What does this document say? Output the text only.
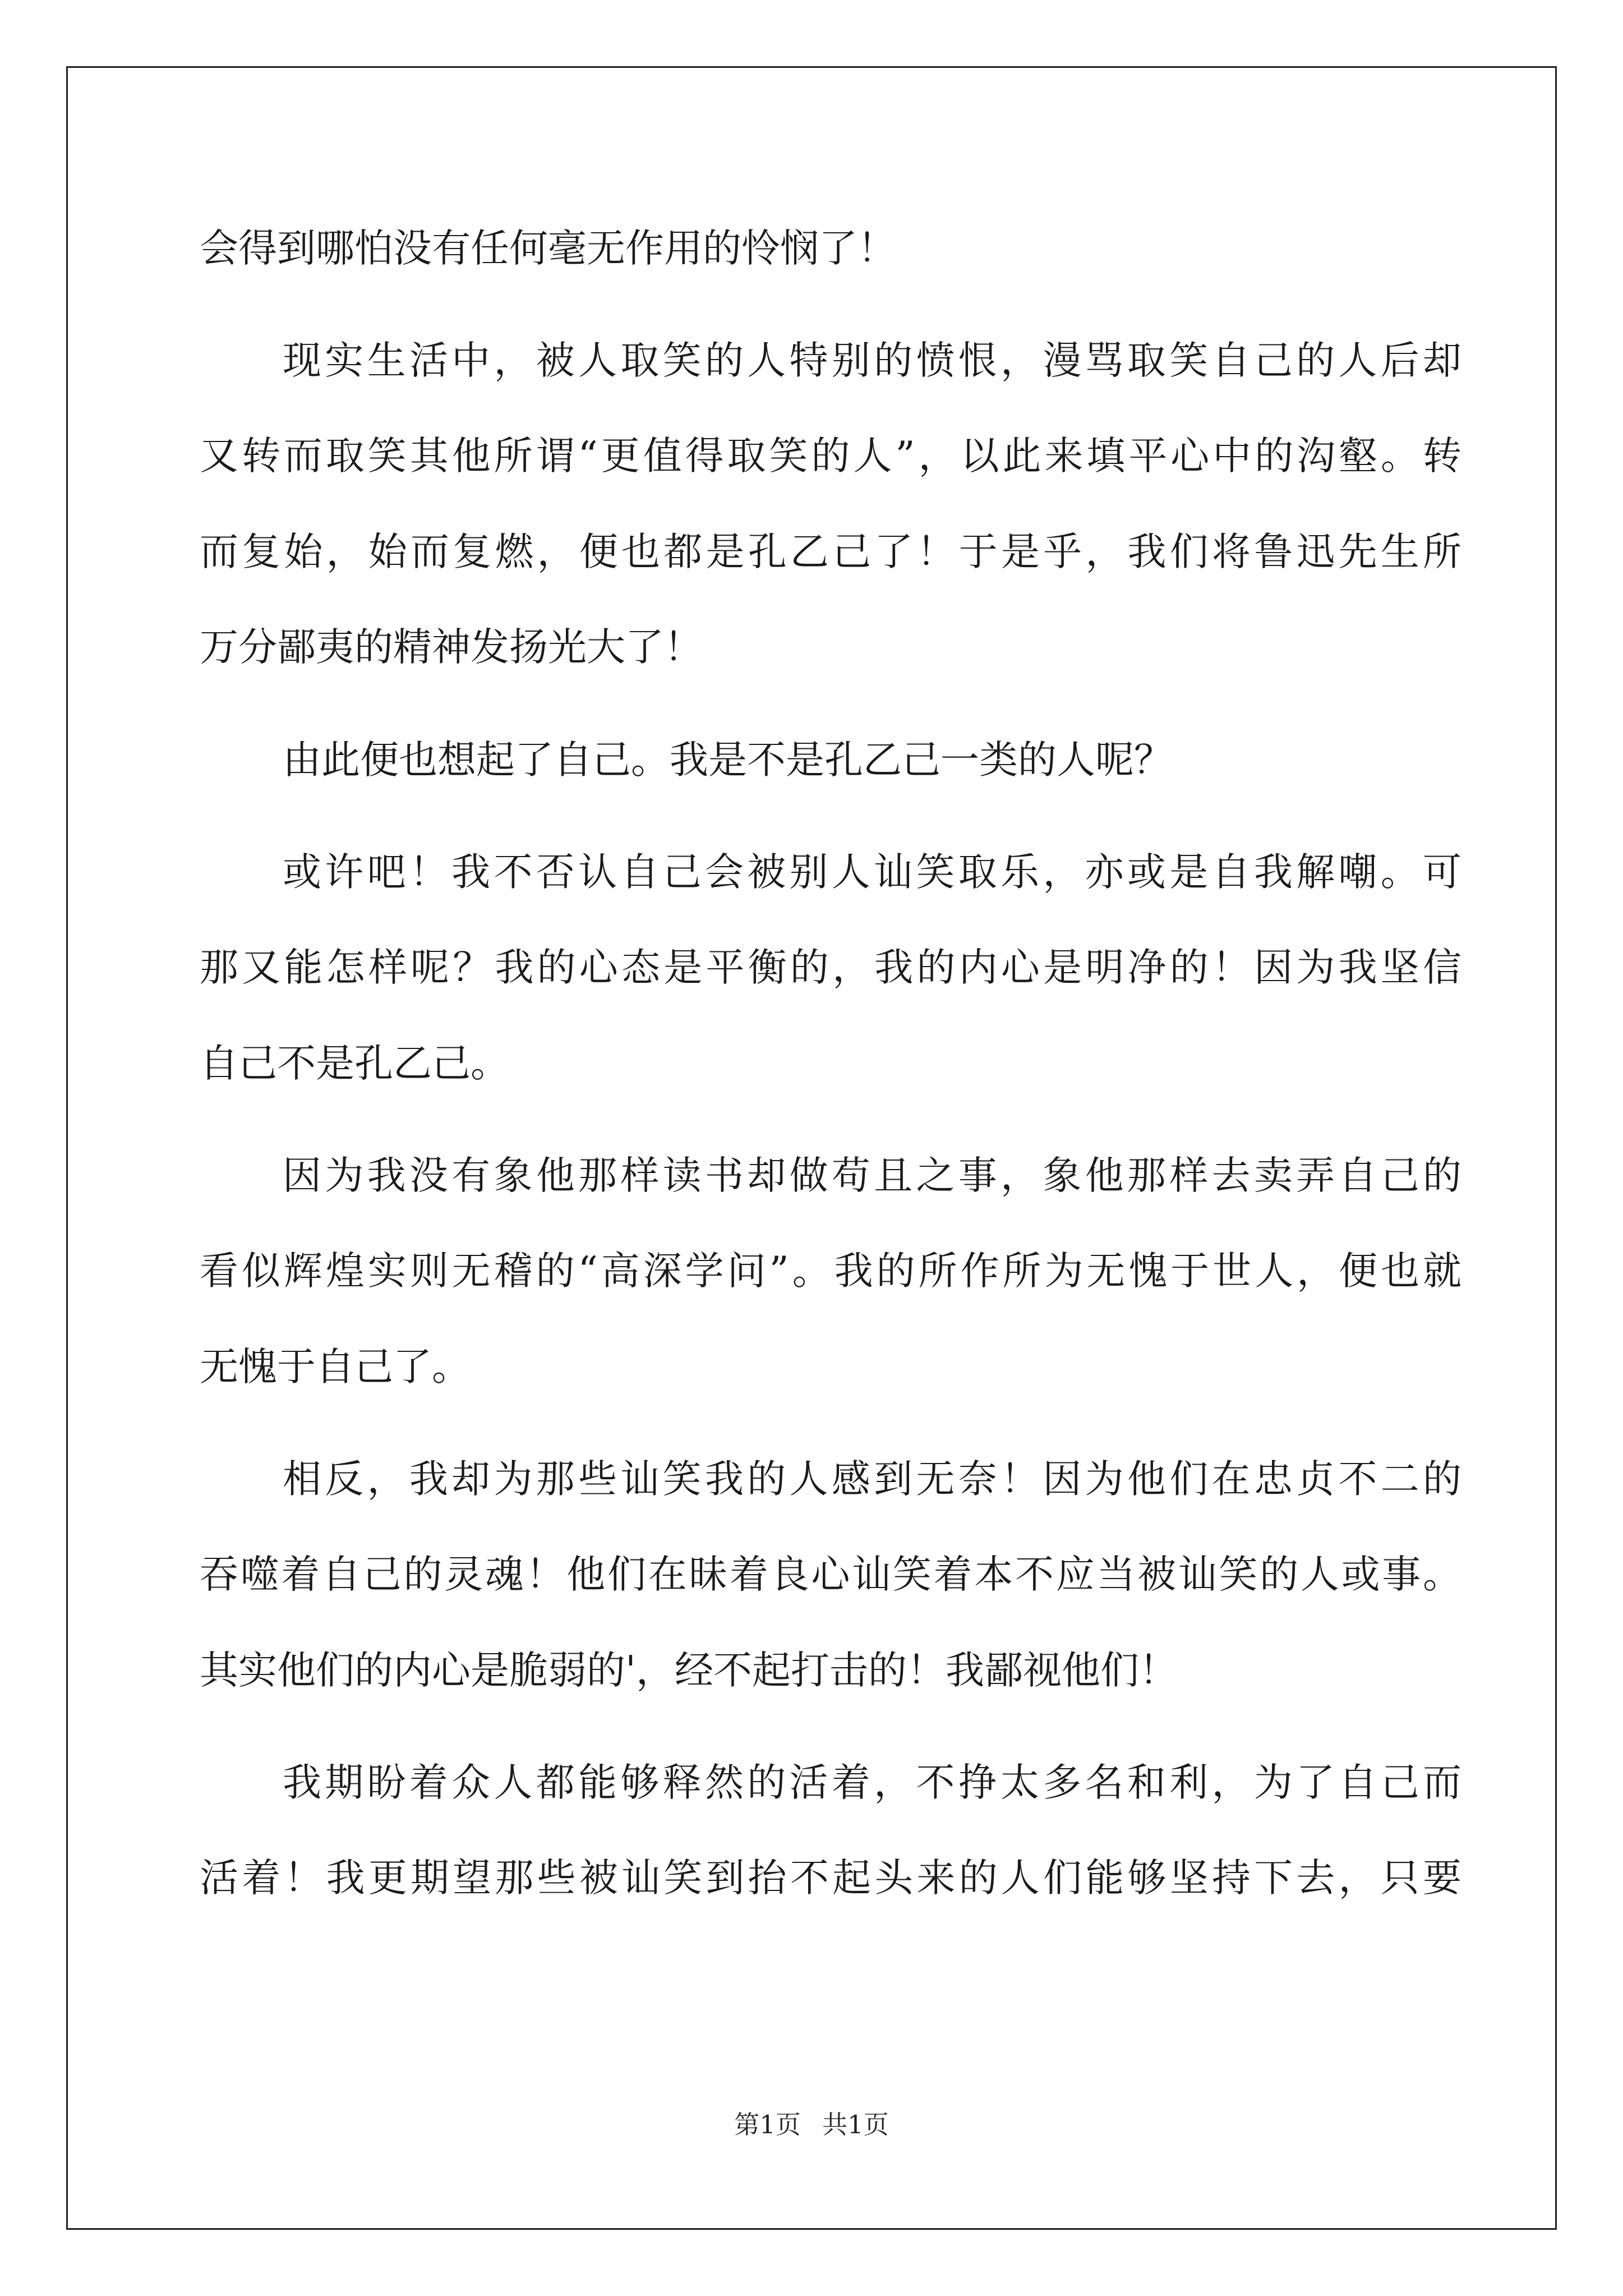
会得到哪怕没有任何毫无作用的怜悯了！
现实生活中，被人取笑的人特别的愤恨，漫骂取笑自己的人后却
又转而取笑其他所谓“更值得取笑的人”，以此来填平心中的沟壑。转
而复始，始而复燃，便也都是孔乙己了！于是乎，我们将鲁迅先生所
万分鄙夷的精神发扬光大了！
由此便也想起了自己。我是不是孔乙己一类的人呢？
或许吧！我不否认自己会被别人讪笑取乐，亦或是自我解嘲。可
那又能怎样呢？我的心态是平衡的，我的内心是明净的！因为我坚信
自己不是孔乙己。
因为我没有象他那样读书却做苟且之事，象他那样去卖弄自己的
看似辉煌实则无稽的“高深学问”。我的所作所为无愧于世人，便也就
无愧于自己了。
相反，我却为那些讪笑我的人感到无奈！因为他们在忠贞不二的
吞噬着自己的灵魂！他们在昧着良心讪笑着本不应当被讪笑的人或事。
其实他们的内心是脆弱的'，经不起打击的！我鄙视他们！
我期盼着众人都能够释然的活着，不挣太多名和利，为了自己而
活着！我更期望那些被讪笑到抬不起头来的人们能够坚持下去，只要
第1页 共1页
